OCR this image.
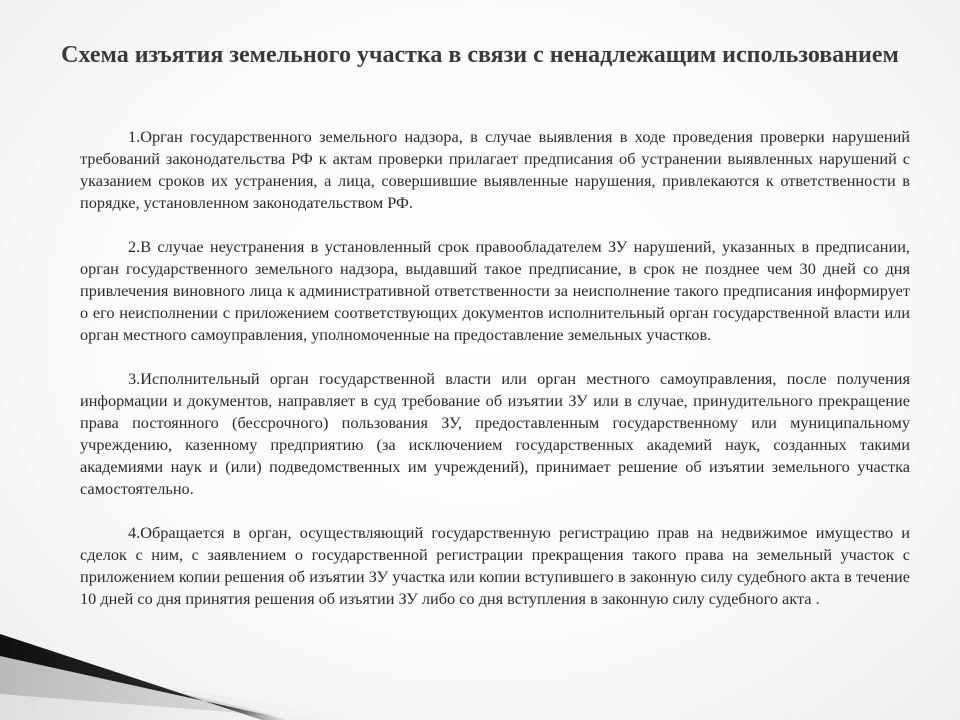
Схема изъятия земельного участка в связи с ненадлежащим использованием

1.Орган государственного земельного надзора, в случае выявления в ходе проведения проверки нарушений требований законодательства РФ к актам проверки прилагает предписания об устранении выявленных нарушений с указанием сроков их устранения, а лица, совершившие выявленные нарушения, привлекаются к ответственности в порядке, установленном законодательством РФ.

2.В случае неустранения в установленный срок правообладателем ЗУ нарушений, указанных в предписании, орган государственного земельного надзора, выдавший такое предписание, в срок не позднее чем 30 дней со дня привлечения виновного лица к административной ответственности за неисполнение такого предписания информирует о его неисполнении с приложением соответствующих документов исполнительный орган государственной власти или орган местного самоуправления, уполномоченные на предоставление земельных участков.

3.Исполнительный орган государственной власти или орган местного самоуправления, после получения информации и документов, направляет в суд требование об изъятии ЗУ или в случае, принудительного прекращение права постоянного (бессрочного) пользования ЗУ, предоставленным государственному или муниципальному учреждению, казенному предприятию (за исключением государственных академий наук, созданных такими академиями наук и (или) подведомственных им учреждений), принимает решение об изъятии земельного участка самостоятельно.

4.Обращается в орган, осуществляющий государственную регистрацию прав на недвижимое имущество и сделок с ним, с заявлением о государственной регистрации прекращения такого права на земельный участок с приложением копии решения об изъятии ЗУ участка или копии вступившего в законную силу судебного акта в течение 10 дней со дня принятия решения об изъятии ЗУ либо со дня вступления в законную силу судебного акта .
